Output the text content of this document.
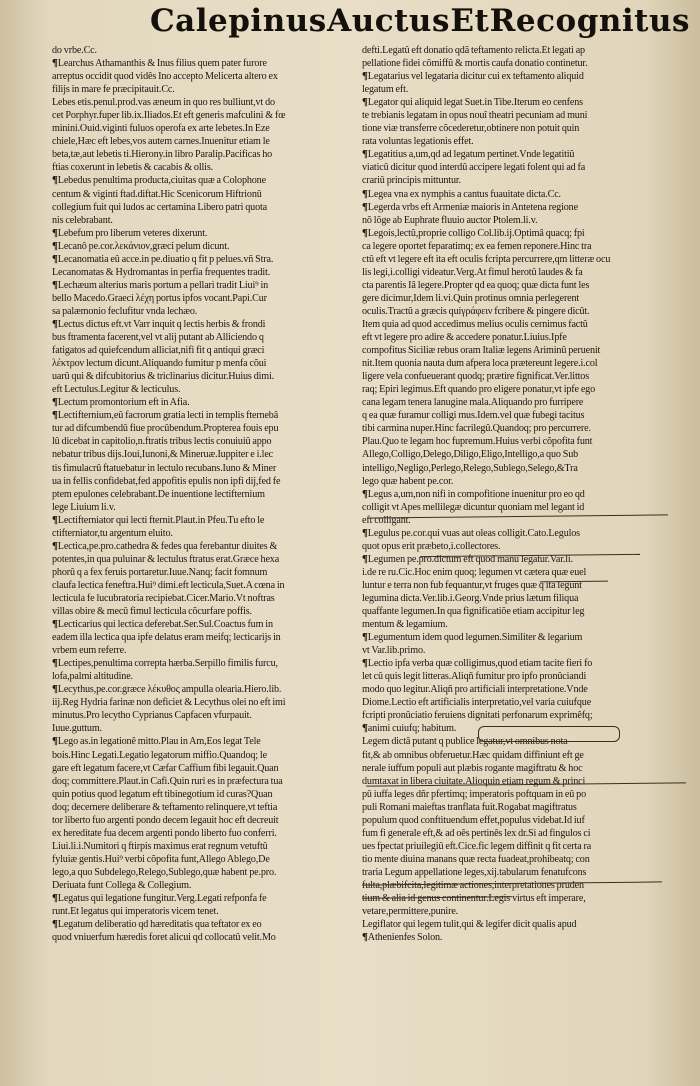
Calepinus Auctus Et Recognitus

do vrbe.Cc.

¶ Learchus Athamanthis & Inus filius quem pater furore

arreptus occidit quod vidês Ino accepto Melicerta altero ex

filijs in mare fe præcipitauit.Cc.

Lebes etis.penul.prod.vas æneum in quo res bulliunt,vt do

cet Porphyr.fuper lib.ix.Iliados.Et eft generis mafculini & fœ

minini.Ouid.viginti fuluos operofa ex arte lebetes.In Eze

chiele,Hæc eft lebes,vos autem carnes.Inuenitur etiam le

beta,tæ,aut lebetis ti.Hierony.in libro Paralip.Pacificas ho

ftias coxerunt in lebetis & cacabis & ollis.

¶ Lebedus penultima producta,ciuitas quæ a Colophone

centum & viginti ftad.diftat.Hic Scenicorum Hiftrionû

collegium fuit qui ludos ac certamina Libero patri quota

nis celebrabant.

¶ Lebefum pro liberum veteres dixerunt.

¶ Lecanô pe.cor.λεκάνιον,græci pelum dicunt.

¶ Lecanomatia eû acce.in pe.diuatio q fit p pelues.vñ Stra.

Lecanomatas & Hydromantas in perfia frequentes tradit.

¶ Lechæum alterius maris portum a pellari tradit Liui⁹ in

bello Macedo.Graeci λέχη portus ipfos vocant.Papi.Cur

sa palæmonio feclufitur vnda lechæo.

¶ Lectus dictus eft.vt Varr inquit q lectis herbis & frondi

bus ftramenta facerent,vel vt alij putant ab Alliciendo q

fatigatos ad quiefcendum alliciat,nifi fit q antiqui græci

λέκτρον lectum dicunt.Aliquando fumitur p menfa cõui

uarû qui & difcubitorius & triclinarius dicitur.Huius dimi.

eft Lectulus.Legitur & lecticulus.

¶ Lectum promontorium eft in Afia.

¶ Lectifternium,eû facrorum gratia lecti in templis fternebâ

tur ad difcumbendû fiue procûbendum.Propterea fouis epu

lû dicebat in capitolio,n.ftratis tribus lectis conuiuiû appo

nebatur tribus dijs.Ioui,Iunoni,& Mineruæ.Iuppiter e i.lec

tis fimulacrû ftatuebatur in lectulo recubans.Iuno & Miner

ua in fellis confidebat,fed appofitis epulis non ipfi dij,fed fe

ptem epulones celebrabant.De inuentione lectifternium

lege Liuium li.v.

¶ Lectifterniator qui lecti fternit.Plaut.in Pfeu.Tu efto le

ctifterniator,tu argentum eluito.

¶ Lectica,pe.pro.cathedra & fedes qua ferebantur diuites &

potentes,in qua puluinar & lectulus ftratus erat.Græce hexa

phorû q a fex feruis portaretur.Iuue.Nanq; facit fomnum

claufa lectica feneftra.Hui⁹ dimi.eft lecticula,Suet.A cœna in

lecticula fe lucubratoria recipiebat.Cicer.Mario.Vt noftras

villas obire & mecû fimul lecticula cõcurfare poffis.

¶ Lecticarius qui lectica deferebat.Ser.Sul.Coactus fum in

eadem illa lectica qua ipfe delatus eram meifq; lecticarijs in

vrbem eum referre.

¶ Lectipes,penultima correpta hærba.Serpillo fimilis furcu,

lofa,palmi altitudine.

¶ Lecythus,pe.cor.græce λέκυθος ampulla olearia.Hiero.lib.

iij.Reg Hydria farinæ non deficiet & Lecythus olei no eft imi

minutus.Pro lecytho Cyprianus Capfacen vfurpauit.

Iuue.guttum.

¶ Lego as.in legationê mitto.Plau in Am,Eos legat Tele

bois.Hinc Legati.Legatio legatorum miffio.Quandoq; le

gare eft legatum facere,vt Cæfar Caffium fibi legauit.Quan

doq; committere.Plaut.in Cafi.Quin ruri es in præfectura tua

quin potius quod legatum eft tibinegotium id curas?Quan

doq; decernere deliberare & teftamento relinquere,vt teftia

tor liberto fuo argenti pondo decem legauit hoc eft decreuit

ex hereditate fua decem argenti pondo liberto fuo conferri.

Liui.li.i.Numitori q ftirpis maximus erat regnum vetuftû

fyluiæ gentis.Hui⁹ verbi cõpofita funt,Allego Ablego,De

lego,a quo Subdelego,Relego,Sublego,quæ habent pe.pro.

Deriuata funt Collega & Collegium.

¶ Legatus qui legatione fungitur.Verg.Legati refponfa fe

runt.Et legatus qui imperatoris vicem tenet.

¶ Legatum deliberatio qd hæreditatis qua teftator ex eo

quod vniuerfum hæredis foret alicui qd collocatû velit.Mo

defti.Legatû eft donatio qdã teftamento relicta.Et legati ap

pellatione fidei cõmiffû & mortis caufa donatio continetur.

¶ Legatarius vel legataria dicitur cui ex teftamento aliquid

legatum eft.

¶ Legator qui aliquid legat Suet.in Tibe.Iterum eo cenfens

te trebianis legatam in opus nouî theatri pecuniam ad muni

tione viæ transferre cõcederetur,obtinere non potuit quin

rata voluntas legationis effet.

¶ Legatitius a,um,qd ad legatum pertinet.Vnde legatitiû

viaticû dicitur quod interdû accipere legati folent qui ad fa

crariû principis mittuntur.

¶ Legea vna ex nymphis a cantus fuauitate dicta.Cc.

¶ Legerda vrbs eft Armeniæ maioris in Antetena regione

nõ lõge ab Euphrate fluuio auctor Ptolem.li.v.

¶ Legois,lectû,proprie colligo Col.lib.ij.Optimâ quacq; fpi

ca legere oportet feparatimq; ex ea femen reponere.Hinc tra

ctû eft vt legere eft ita eft oculis fcripta percurrere,qm litteræ ocu

lis legi,i.colligi videatur.Verg.At fimul herotû laudes & fa

cta parentis Iâ legere.Propter qd ea quoq; quæ dicta funt les

gere dicimur,Idem li.vi.Quin protinus omnia perlegerent

oculis.Tractû a græcis quiγράφειν fcribere & pingere dicût.

Item quia ad quod accedimus melius oculis cernimus factû

eft vt legere pro adire & accedere ponatur.Liuius.Ipfe

compofitus Siciliæ rebus oram Italiæ legens Ariminû peruenit

nit.Item quonia nauta dum afpera loca prætereunt legere.i.col

ligere vela confueuerant quodq; prætire fignificat.Ver.littos

raq; Epiri legimus.Eft quando pro eligere ponatur,vt ipfe ego

cana legam tenera lanugine mala.Aliquando pro furripere

q ea quæ furamur colligi mus.Idem.vel quæ fubegi tacitus

tibi carmina nuper.Hinc facrilegû.Quandoq; pro percurrere.

Plau.Quo te legam hoc fupremum.Huius verbi cõpofita funt

Allego,Colligo,Delego,Diligo,Eligo,Intelligo,a quo Sub

intelligo,Negligo,Perlego,Relego,Sublego,Selego,&Tra

lego quæ habent pe.cor.

¶ Legus a,um,non nifi in compofitione inuenitur pro eo qd

colligit vt Apes mellilegæ dicuntur quoniam mel legant id

eft colligant.

¶ Legulus pe.cor.qui vuas aut oleas colligit.Cato.Legulos

quot opus erit præbeto,i.collectores.

¶ Legumen pe.pro.dictum eft quod manu legatur.Var.li.

i.de re ru.Cic.Hoc enim quoq; legumen vt cætera quæ euel

luntur e terra non fub fequantur,vt fruges quæ q ita legunt

legumina dicta.Ver.lib.i.Georg.Vnde prius lætum filiqua

quaffante legumen.In qua fignificatiõe etiam accipitur leg

mentum & legamium.

¶ Legumentum idem quod legumen.Similiter & legarium

vt Var.lib.primo.

¶ Lectio ipfa verba quæ colligimus,quod etiam tacite fieri fo

let cû quis legit litteras.Aliqñ fumitur pro ipfo pronûciandi

modo quo legitur.Aliqñ pro artificiali interpretatione.Vnde

Diome.Lectio eft artificialis interpretatio,vel varia cuiufque

fcripti pronûciatio feruiens dignitati perfonarum exprimêfq;

¶ animi cuiufq; habitum.

Legem dictâ putant q publice legatur,vt omnibus nota

fit,& ab omnibus obferuetur.Hæc quidam diffiniunt eft ge

nerale iuffum populi aut plæbis rogante magiftratu & hoc

dumtaxat in libera ciuitate.Alioquin etiam regum & princi

pû iuffa leges dñr pfertimq; imperatoris poftquam in eû po

puli Romani maieftas tranflata fuit.Rogabat magiftratus

populum quod conftituendum effet,populus videbat.Id iuf

fum fi generale eft,& ad oês pertinês lex dr.Si ad fingulos ci

ues fpectat priuilegiû eft.Cice.fic legem diffinit q fit certa ra

tio mente diuina manans quæ recta fuadeat,prohibeatq; con

traria Legum appellatione leges,xij.tabularum fenatufcons

fulta,plæbifcita,legitimæ actiones,interpretationes pruden

tium & alia id genus continentur.Legis virtus eft imperare,

vetare,permittere,punire.

Legiflator qui legem tulit,qui & legifer dicit qualis apud

¶ Athenienfes Solon.
